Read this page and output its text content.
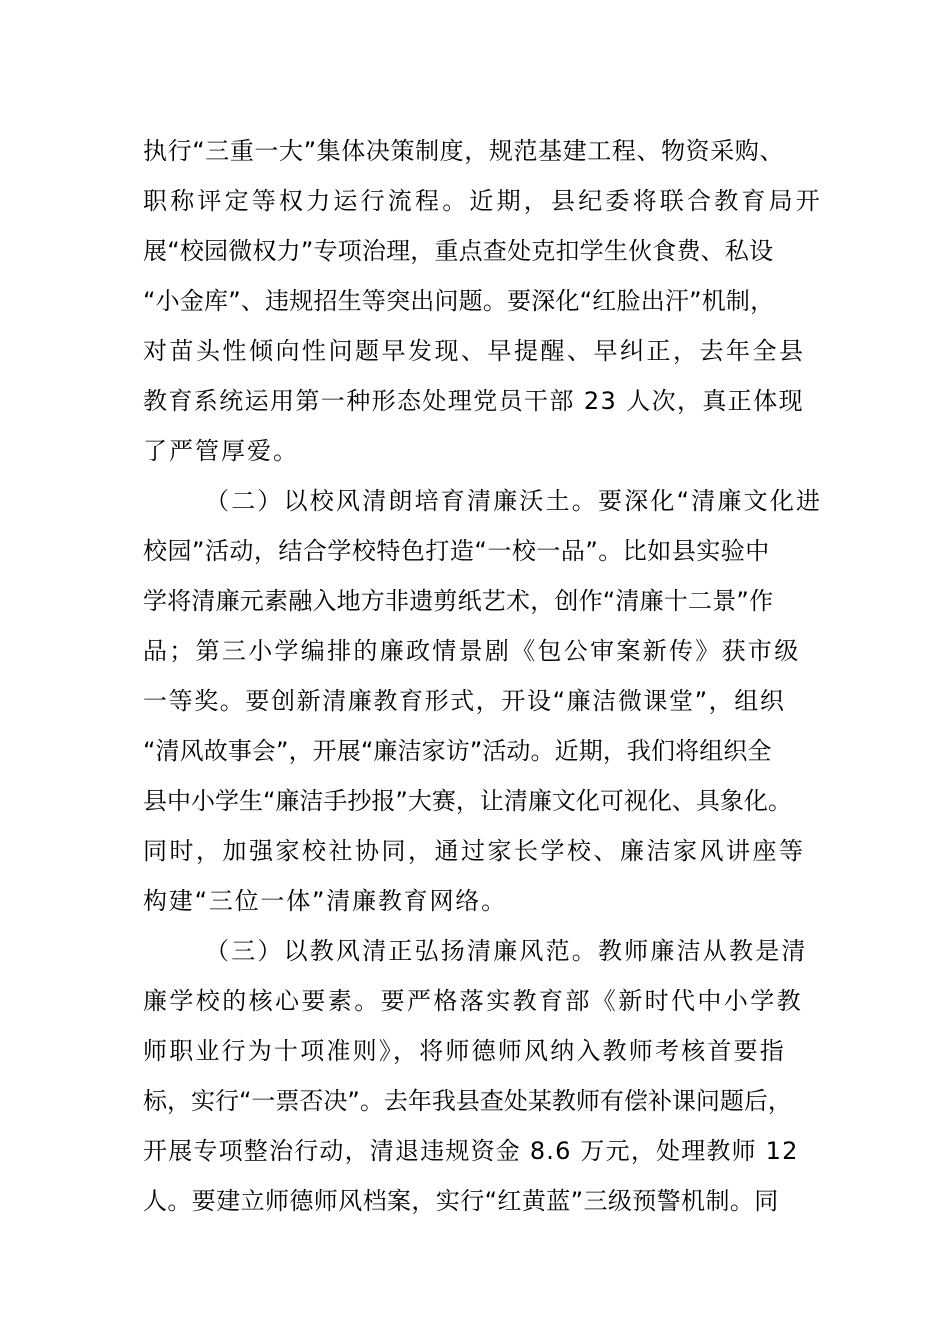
执行“三重一大”集体决策制度，规范基建工程、物资采购、
职称评定等权力运行流程。近期，县纪委将联合教育局开
展“校园微权力”专项治理，重点查处克扣学生伙食费、私设
“小金库”、违规招生等突出问题。要深化“红脸出汗”机制，
对苗头性倾向性问题早发现、早提醒、早纠正，去年全县
教育系统运用第一种形态处理党员干部 23 人次，真正体现
了严管厚爱。
（二）以校风清朗培育清廉沃土。要深化“清廉文化进
校园”活动，结合学校特色打造“一校一品”。比如县实验中
学将清廉元素融入地方非遗剪纸艺术，创作“清廉十二景”作
品；第三小学编排的廉政情景剧《包公审案新传》获市级
一等奖。要创新清廉教育形式，开设“廉洁微课堂”，组织
“清风故事会”，开展“廉洁家访”活动。近期，我们将组织全
县中小学生“廉洁手抄报”大赛，让清廉文化可视化、具象化。
同时，加强家校社协同，通过家长学校、廉洁家风讲座等
构建“三位一体”清廉教育网络。
（三）以教风清正弘扬清廉风范。教师廉洁从教是清
廉学校的核心要素。要严格落实教育部《新时代中小学教
师职业行为十项准则》，将师德师风纳入教师考核首要指
标，实行“一票否决”。去年我县查处某教师有偿补课问题后，
开展专项整治行动，清退违规资金 8.6 万元，处理教师 12
人。要建立师德师风档案，实行“红黄蓝”三级预警机制。同
